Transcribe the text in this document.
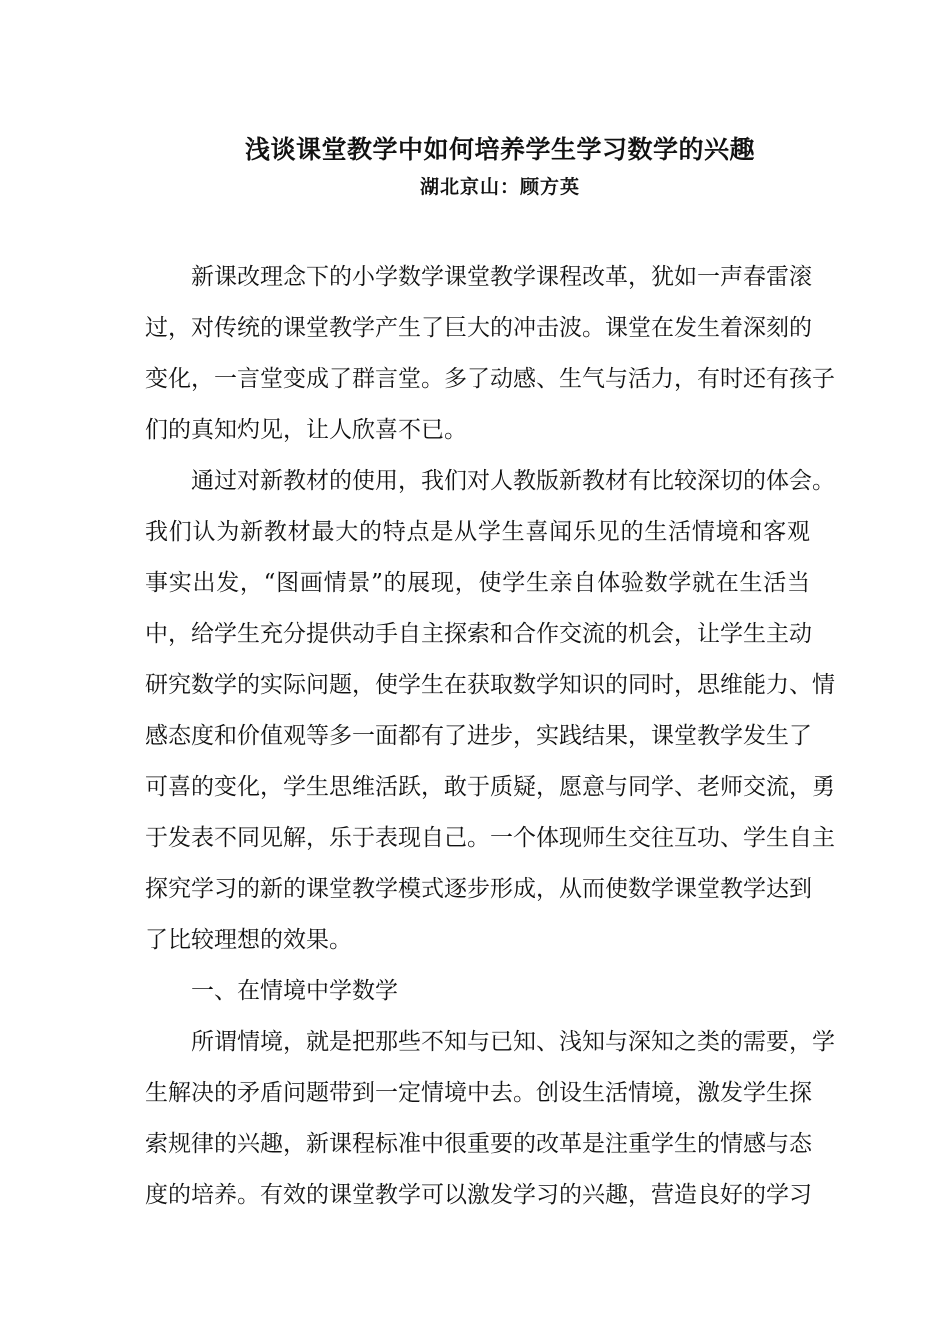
浅谈课堂教学中如何培养学生学习数学的兴趣
湖北京山：顾方英
新课改理念下的小学数学课堂教学课程改革，犹如一声春雷滚
过，对传统的课堂教学产生了巨大的冲击波。课堂在发生着深刻的
变化，一言堂变成了群言堂。多了动感、生气与活力，有时还有孩子
们的真知灼见，让人欣喜不已。
通过对新教材的使用，我们对人教版新教材有比较深切的体会。
我们认为新教材最大的特点是从学生喜闻乐见的生活情境和客观
事实出发，“图画情景”的展现，使学生亲自体验数学就在生活当
中，给学生充分提供动手自主探索和合作交流的机会，让学生主动
研究数学的实际问题，使学生在获取数学知识的同时，思维能力、情
感态度和价值观等多一面都有了进步，实践结果，课堂教学发生了
可喜的变化，学生思维活跃，敢于质疑，愿意与同学、老师交流，勇
于发表不同见解，乐于表现自己。一个体现师生交往互功、学生自主
探究学习的新的课堂教学模式逐步形成，从而使数学课堂教学达到
了比较理想的效果。
一、在情境中学数学
所谓情境，就是把那些不知与已知、浅知与深知之类的需要，学
生解决的矛盾问题带到一定情境中去。创设生活情境，激发学生探
索规律的兴趣，新课程标准中很重要的改革是注重学生的情感与态
度的培养。有效的课堂教学可以激发学习的兴趣，营造良好的学习
